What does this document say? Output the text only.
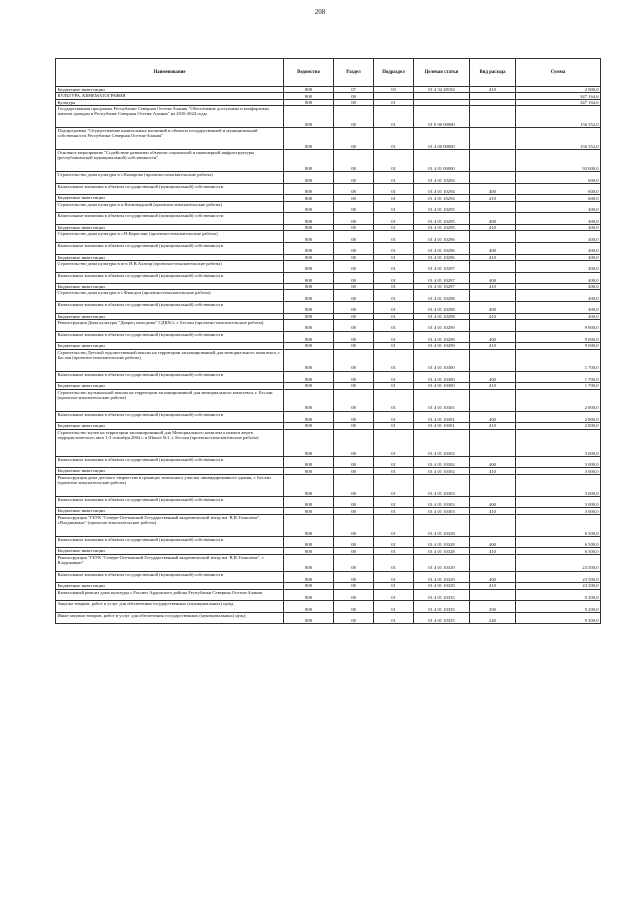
208
Наименование	Ведомство	Раздел	Подраздел	Целевая статья	Вид расхода	Сумма
Бюджетные инвестиции	808	07	03	01 4 32 28182	410	2 000,0
КУЛЬТУРА, КИНЕМАТОГРАФИЯ	808	08				347 164,6
Культура	808	08	01			347 164,6
Государственная программа Республики Северная Осетия-Алания "Обеспечение доступным и комфортным жильем граждан в Республике Северная Осетия-Алания" на 2016-2024 годы	808	08	01	01 0 00 00000		156 352,0
Подпрограмма "Осуществление капитальных вложений в объекты государственной и муниципальной собственности Республики Северная Осетия-Алания"	808	08	01	01 4 00 00000		156 352,0
Основное мероприятие "Содействие развитию объектов социальной и инженерной инфраструктуры (республиканской муниципальной) собственности"	808	08	01	01 4 01 00000		92 000,0
Строительство дома культуры в с.Комарово (проектно-изыскательские работы)	808	08	01	01 4 01 10294		600,0
Капитальные вложения в объекты государственной (муниципальной) собственности	808	08	01	01 4 01 10294	400	600,0
Бюджетные инвестиции	808	08	01	01 4 01 10294	410	600,0
Строительство дома культуры в п.Кизилвадский (проектно-изыскательские работы)	808	08	01	01 4 01 10295		400,0
Капитальные вложения в объекты государственной (муниципальной) собственности	808	08	01	01 4 01 10295	400	400,0
Бюджетные инвестиции	808	08	01	01 4 01 10295	410	400,0
Строительство дома культуры в с.Н.Бирагзанг (проектно-изыскательские работы)	808	08	01	01 4 01 10296		400,0
Капитальные вложения в объекты государственной (муниципальной) собственности	808	08	01	01 4 01 10296	400	400,0
Бюджетные инвестиции	808	08	01	01 4 01 10296	410	400,0
Строительство дома культуры в пгт. Н.В.Алагир (проектно-изыскательские работы)	808	08	01	01 4 01 10297		400,0
Капитальные вложения в объекты государственной (муниципальной) собственности	808	08	01	01 4 01 10297	400	400,0
Бюджетные инвестиции	808	08	01	01 4 01 10297	410	400,0
Строительство дома культуры в с.Фиагдон (проектно-изыскательские работы)	808	08	01	01 4 01 10298		400,0
Капитальные вложения в объекты государственной (муниципальной) собственности	808	08	01	01 4 01 10298	400	400,0
Бюджетные инвестиции	808	08	01	01 4 01 10298	410	400,0
Реконструкция Дома культуры "Дворец молодежи" СДК№1, г. Беслан (проектно-изыскательские работы)	808	08	01	01 4 01 10299		9 000,0
Капитальные вложения в объекты государственной (муниципальной) собственности	808	08	01	01 4 01 10299	400	9 000,0
Бюджетные инвестиции	808	08	01	01 4 01 10299	410	9 000,0
Строительство Детской художественной школы на территории запланированной для мемориального комплекса, г. Беслан (проектно-изыскательские работы)	808	08	01	01 4 01 10300		1 700,0
Капитальные вложения в объекты государственной (муниципальной) собственности	808	08	01	01 4 01 10300	400	1 700,0
Бюджетные инвестиции	808	08	01	01 4 01 10300	410	1 700,0
Строительство музыкальной школы на территории запланированной для мемориального комплекса, г. Беслан (проектно-изыскательские работы)	808	08	01	01 4 01 10301		2 800,0
Капитальные вложения в объекты государственной (муниципальной) собственности	808	08	01	01 4 01 10301	400	2 800,0
Бюджетные инвестиции	808	08	01	01 4 01 10301	410	2 800,0
Строительство музея на территории запланированной для Мемориального комплекса памяти жертв террористического акта 1-3 сентября 2004 г. в Школе №1, г. Беслан (проектно-изыскательские работы)	808	08	01	01 4 01 10302		3 000,0
Капитальные вложения в объекты государственной (муниципальной) собственности	808	08	01	01 4 01 10302	400	3 000,0
Бюджетные инвестиции	808	08	01	01 4 01 10302	410	3 000,0
Реконструкция дома детского творчества в границах земельного участка ликвидированного здания, г. Беслан (проектно-изыскательские работы)	808	08	01	01 4 01 10303		3 000,0
Капитальные вложения в объекты государственной (муниципальной) собственности	808	08	01	01 4 01 10303	400	3 000,0
Бюджетные инвестиции	808	08	01	01 4 01 10303	410	3 000,0
Реконструкция "ГБУК "Северо-Осетинский Государственный академический театр им. В.В.Тхапсаева", г.Владикавказ" (проектно-изыскательские работы)	808	08	01	01 4 01 10328		6 500,0
Капитальные вложения в объекты государственной (муниципальной) собственности	808	08	01	01 4 01 10328	400	6 500,0
Бюджетные инвестиции	808	08	01	01 4 01 10328	410	6 500,0
Реконструкция "ГБУК "Северо-Осетинский Государственный академический театр им. В.В.Тхапсаева", г. Владикавказ"	808	08	01	01 4 01 10329		23 500,0
Капитальные вложения в объекты государственной (муниципальной) собственности	808	08	01	01 4 01 10329	400	23 500,0
Бюджетные инвестиции	808	08	01	01 4 01 10329	410	23 500,0
Капитальный ремонт дома культуры с.Рассвет Ардонского района Республики Северная Осетия-Алания	808	08	01	01 4 01 10335		9 200,0
Закупка товаров, работ и услуг для обеспечения государственных (муниципальных) нужд	808	08	01	01 4 01 10335	200	9 200,0
Иные закупки товаров, работ и услуг для обеспечения государственных (муниципальных) нужд	808	08	01	01 4 01 10335	240	9 200,0
